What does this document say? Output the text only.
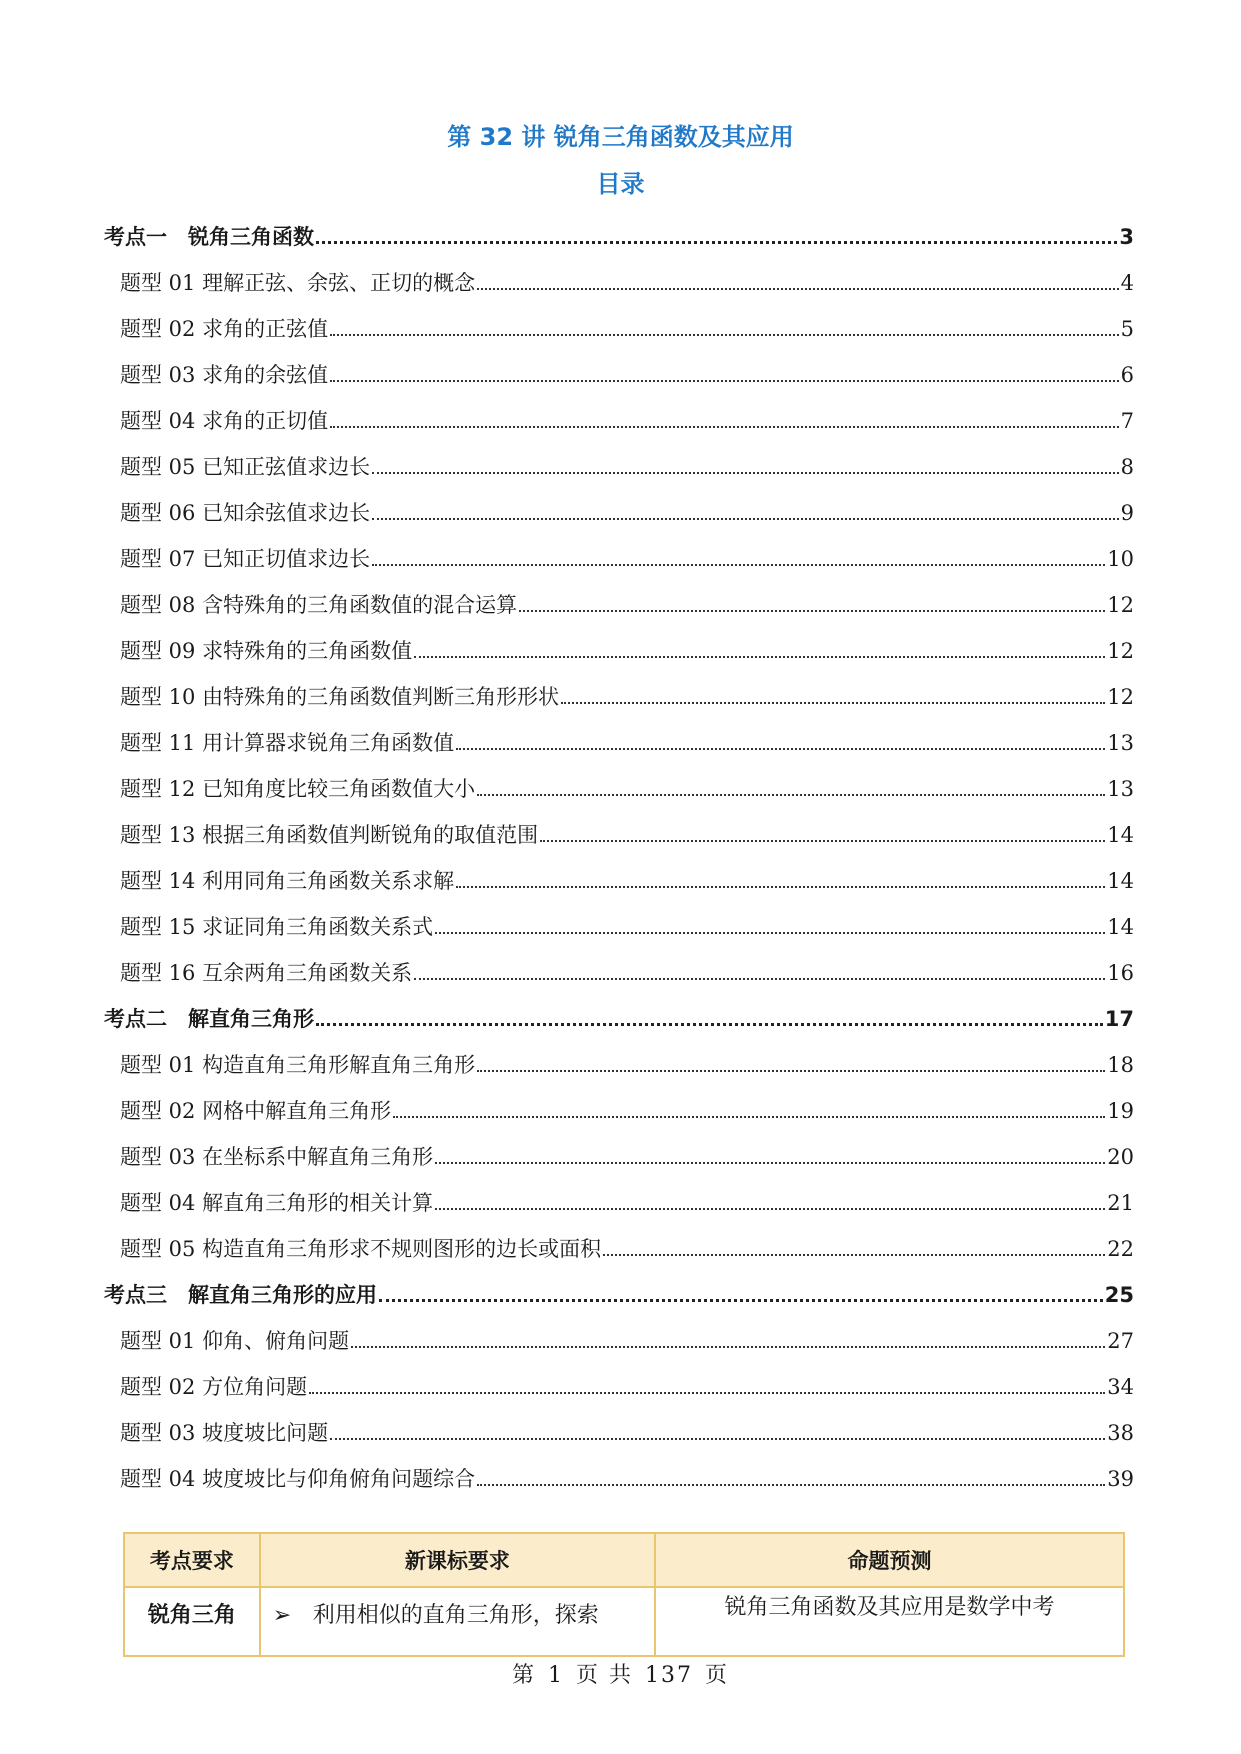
第 32 讲 锐角三角函数及其应用
目录
考点一　锐角三角函数	3
题型 01 理解正弦、余弦、正切的概念	4
题型 02 求角的正弦值	5
题型 03 求角的余弦值	6
题型 04 求角的正切值	7
题型 05 已知正弦值求边长	8
题型 06 已知余弦值求边长	9
题型 07 已知正切值求边长	10
题型 08 含特殊角的三角函数值的混合运算	12
题型 09 求特殊角的三角函数值	12
题型 10 由特殊角的三角函数值判断三角形形状	12
题型 11 用计算器求锐角三角函数值	13
题型 12 已知角度比较三角函数值大小	13
题型 13 根据三角函数值判断锐角的取值范围	14
题型 14 利用同角三角函数关系求解	14
题型 15 求证同角三角函数关系式	14
题型 16 互余两角三角函数关系	16
考点二　解直角三角形	17
题型 01 构造直角三角形解直角三角形	18
题型 02 网格中解直角三角形	19
题型 03 在坐标系中解直角三角形	20
题型 04 解直角三角形的相关计算	21
题型 05 构造直角三角形求不规则图形的边长或面积	22
考点三　解直角三角形的应用	25
题型 01 仰角、俯角问题	27
题型 02 方位角问题	34
题型 03 坡度坡比问题	38
题型 04 坡度坡比与仰角俯角问题综合	39
考点要求	新课标要求	命题预测
锐角三角	➢ 利用相似的直角三角形，探索	锐角三角函数及其应用是数学中考
第 1 页 共 137 页
